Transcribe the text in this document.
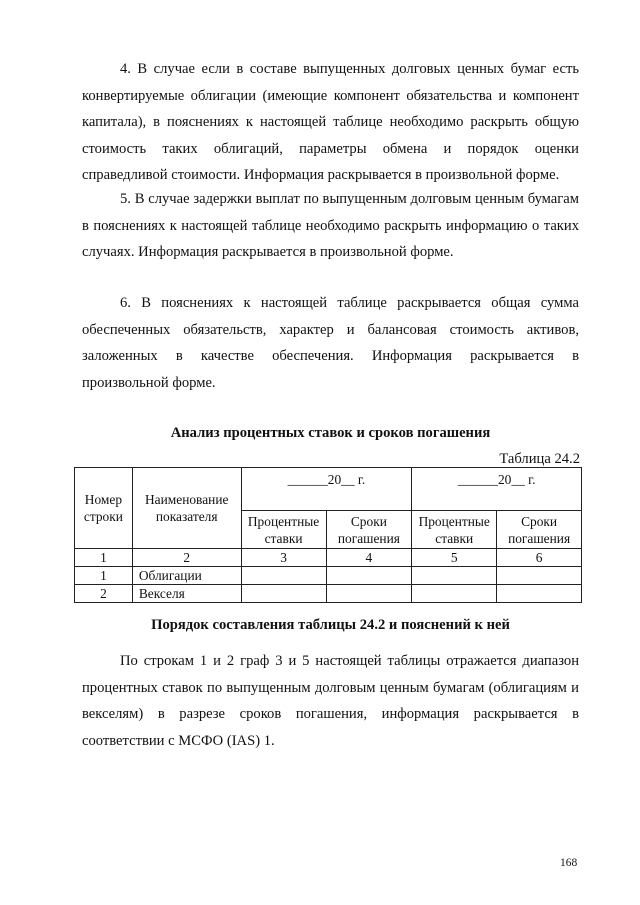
4. В случае если в составе выпущенных долговых ценных бумаг есть конвертируемые облигации (имеющие компонент обязательства и компонент капитала), в пояснениях к настоящей таблице необходимо раскрыть общую стоимость таких облигаций, параметры обмена и порядок оценки справедливой стоимости. Информация раскрывается в произвольной форме.

5. В случае задержки выплат по выпущенным долговым ценным бумагам в пояснениях к настоящей таблице необходимо раскрыть информацию о таких случаях. Информация раскрывается в произвольной форме.

6. В пояснениях к настоящей таблице раскрывается общая сумма обеспеченных обязательств, характер и балансовая стоимость активов, заложенных в качестве обеспечения. Информация раскрывается в произвольной форме.

Анализ процентных ставок и сроков погашения

Таблица 24.2
Номер строки	Наименование показателя	______20__ г.		______20__ г.	
		Процентные ставки	Сроки погашения	Процентные ставки	Сроки погашения
1	2	3	4	5	6
1	Облигации				
2	Векселя				

Порядок составления таблицы 24.2 и пояснений к ней

По строкам 1 и 2 граф 3 и 5 настоящей таблицы отражается диапазон процентных ставок по выпущенным долговым ценным бумагам (облигациям и векселям) в разрезе сроков погашения, информация раскрывается в соответствии с МСФО (IAS) 1.

168
